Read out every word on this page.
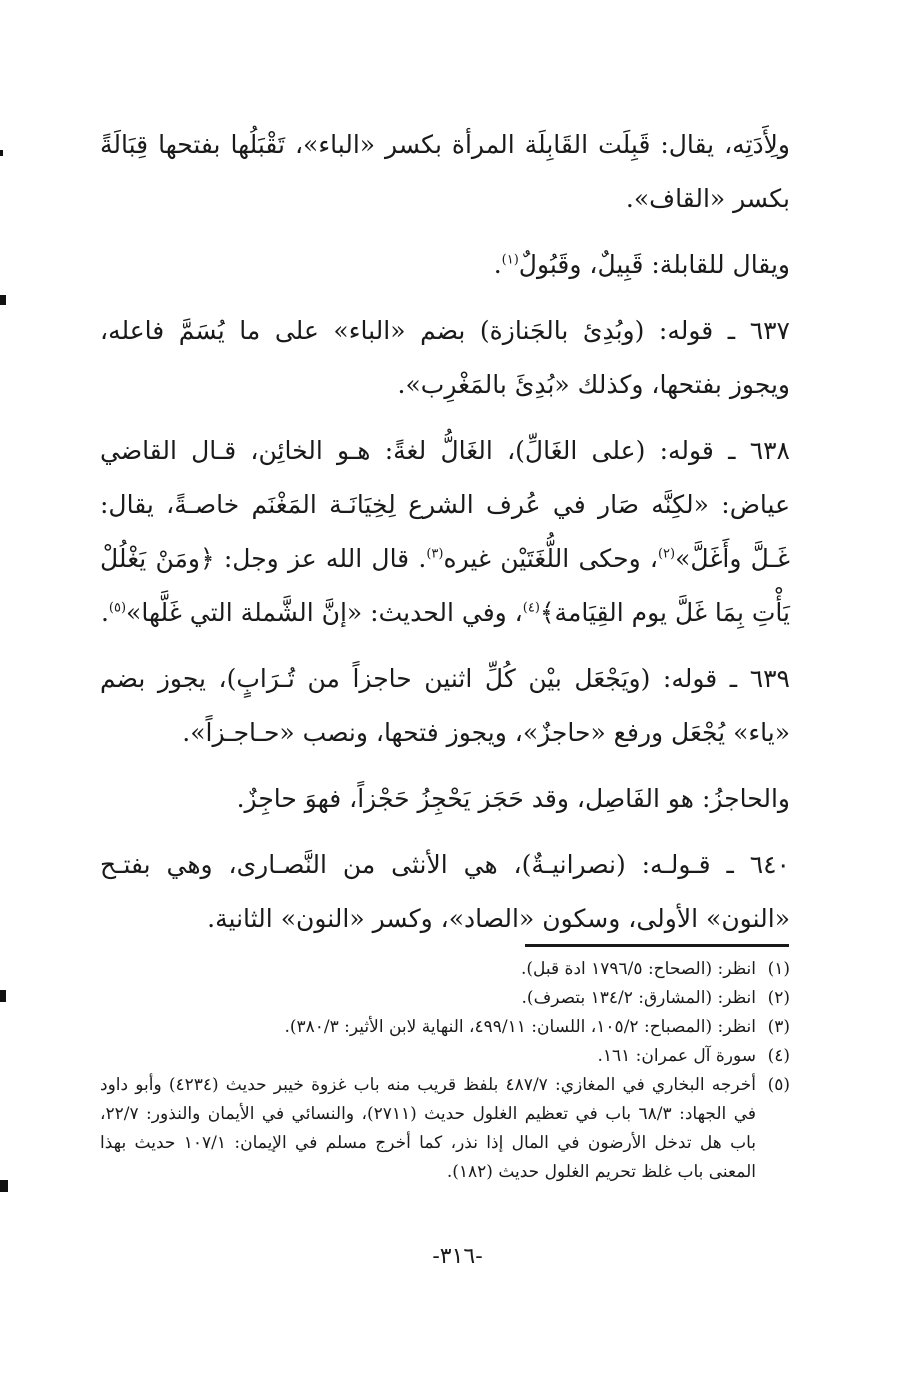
ولِأَدَتِه، يقال: قَبِلَت القَابِلَة المرأة بكسر «الباء»، تَقْبَلُها بفتحها قِبَالَةً بكسر «القاف».

ويقال للقابلة: قَبِيلٌ، وقَبُولٌ$^{(١)}$.

٦٣٧ ـ قوله: (وبُدِئ بالجَنازة) بضم «الباء» على ما يُسَمَّ فاعله، ويجوز بفتحها، وكذلك «بُدِئَ بالمَغْرِب».

٦٣٨ ـ قوله: (على الغَالِّ)، الغَالُّ لغةً: هـو الخائِن، قـال القاضي عياض: «لكِنَّه صَار في عُرف الشرع لِخِيَانَـة المَغْنَم خاصـةً، يقال: غَـلَّ وأَغَلَّ»$^{(٢)}$، وحكى اللُّغَتَيْن غيره$^{(٣)}$. قال الله عز وجل: ﴿ومَنْ يَغْلُلْ يَأْتِ بِمَا غَلَّ يوم القِيَامة﴾$^{(٤)}$، وفي الحديث: «إنَّ الشَّملة التي غَلَّها»$^{(٥)}$.

٦٣٩ ـ قوله: (ويَجْعَل بيْن كُلِّ اثنين حاجزاً من تُـرَابٍ)، يجوز بضم «ياء» يُجْعَل ورفع «حاجزٌ»، ويجوز فتحها، ونصب «حـاجـزاً».

والحاجزُ: هو الفَاصِل، وقد حَجَز يَحْجِزُ حَجْزاً، فهوَ حاجِزٌ.

٦٤٠ ـ قـولـه: (نصرانيـةٌ)، هي الأنثى من النَّصـارى، وهي بفتـح «النون» الأولى، وسكون «الصاد»، وكسر «النون» الثانية.

(١)
انظر: (الصحاح: ١٧٩٦/٥ ادة قبل).
(٢)
انظر: (المشارق: ١٣٤/٢ بتصرف).
(٣)
انظر: (المصباح: ١٠٥/٢، اللسان: ٤٩٩/١١، النهاية لابن الأثير: ٣٨٠/٣).
(٤)
سورة آل عمران: ١٦١.
(٥)
أخرجه البخاري في المغازي: ٤٨٧/٧ بلفظ قريب منه باب غزوة خيبر حديث (٤٢٣٤) وأبو داود في الجهاد: ٦٨/٣ باب في تعظيم الغلول حديث (٢٧١١)، والنسائي في الأيمان والنذور: ٢٢/٧، باب هل تدخل الأرضون في المال إذا نذر، كما أخرج مسلم في الإيمان: ١٠٧/١ حديث بهذا المعنى باب غلظ تحريم الغلول حديث (١٨٢).
-٣١٦-
